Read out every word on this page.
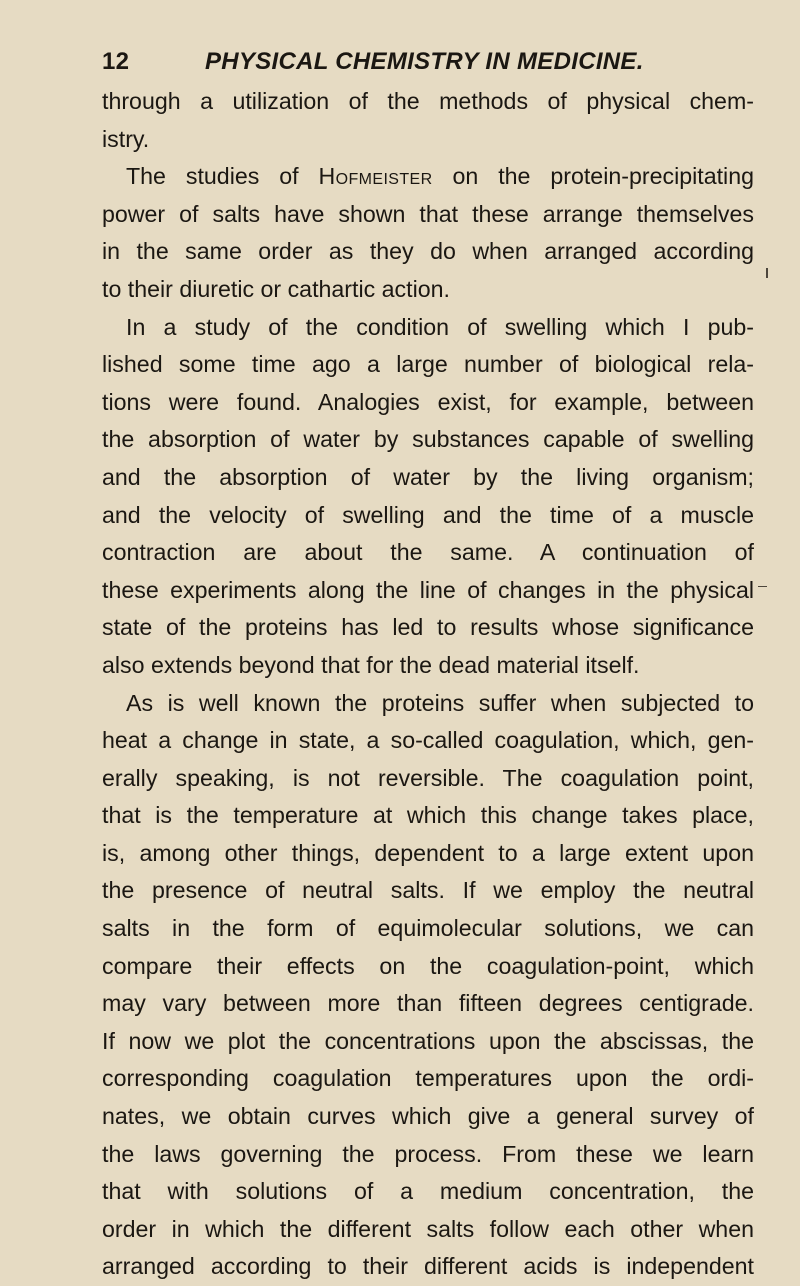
12	PHYSICAL CHEMISTRY IN MEDICINE.
through a utilization of the methods of physical chem-
istry.
The studies of Hofmeister on the protein-precipitating
power of salts have shown that these arrange themselves
in the same order as they do when arranged according
to their diuretic or cathartic action.
In a study of the condition of swelling which I pub-
lished some time ago a large number of biological rela-
tions were found. Analogies exist, for example, between
the absorption of water by substances capable of swelling
and the absorption of water by the living organism;
and the velocity of swelling and the time of a muscle
contraction are about the same. A continuation of
these experiments along the line of changes in the physical
state of the proteins has led to results whose significance
also extends beyond that for the dead material itself.
As is well known the proteins suffer when subjected to
heat a change in state, a so-called coagulation, which, gen-
erally speaking, is not reversible. The coagulation point,
that is the temperature at which this change takes place,
is, among other things, dependent to a large extent upon
the presence of neutral salts. If we employ the neutral
salts in the form of equimolecular solutions, we can
compare their effects on the coagulation-point, which
may vary between more than fifteen degrees centigrade.
If now we plot the concentrations upon the abscissas, the
corresponding coagulation temperatures upon the ordi-
nates, we obtain curves which give a general survey of
the laws governing the process. From these we learn
that with solutions of a medium concentration, the
order in which the different salts follow each other when
arranged according to their different acids is independent
